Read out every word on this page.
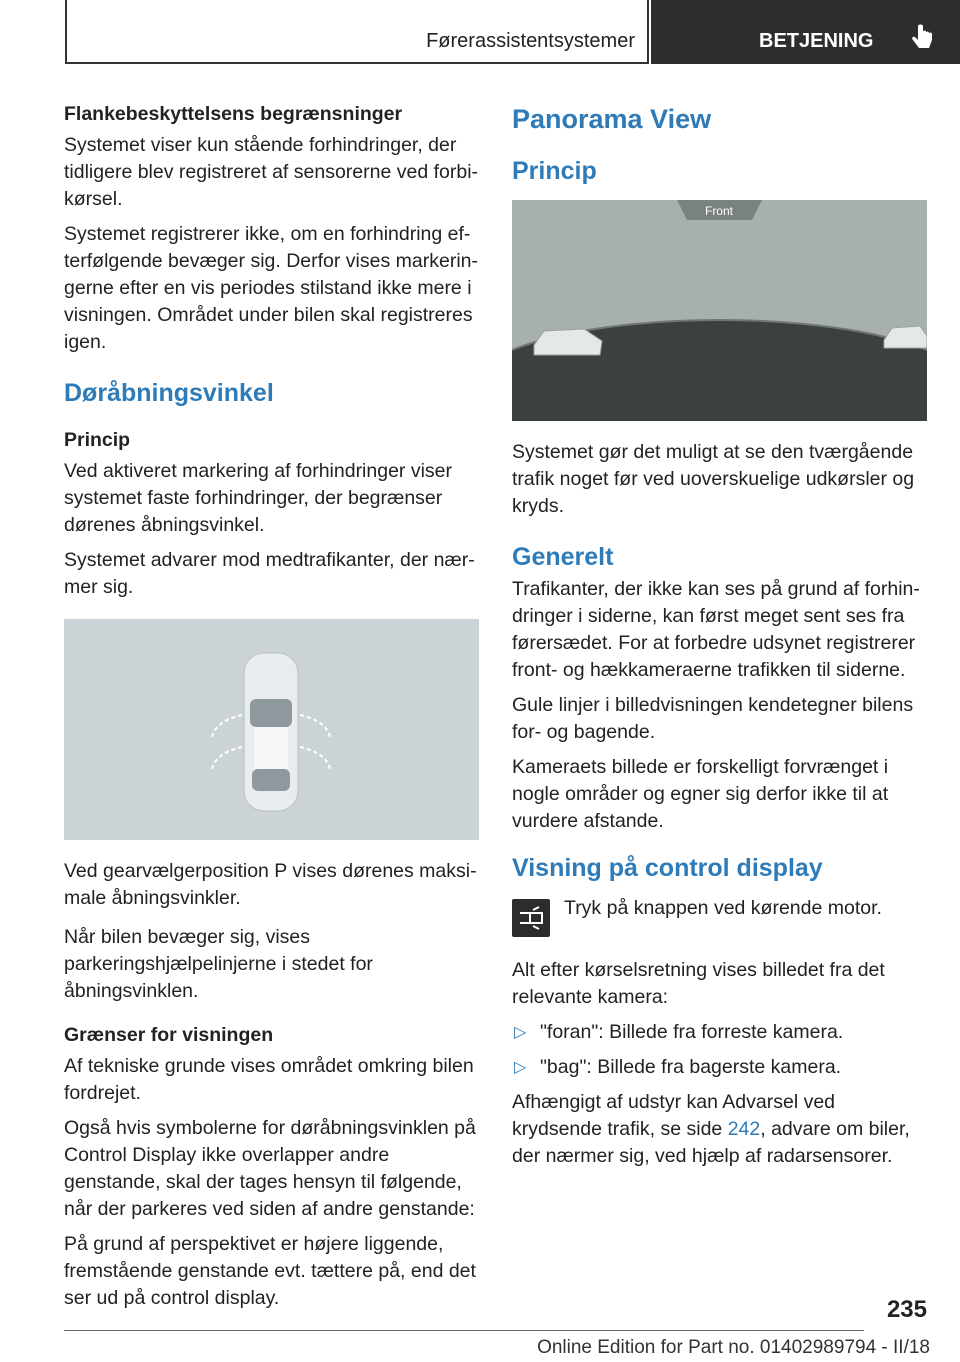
Førerassistentsystemer	BETJENING
Flankebeskyttelsens begrænsninger

Systemet viser kun stående forhindringer, der tidligere blev registreret af sensorerne ved forbikørsel.

Systemet registrerer ikke, om en forhindring efterfølgende bevæger sig. Derfor vises markeringerne efter en vis periodes stilstand ikke mere i visningen. Området under bilen skal registreres igen.

Døråbningsvinkel
Princip

Ved aktiveret markering af forhindringer viser systemet faste forhindringer, der begrænser dørenes åbningsvinkel.

Systemet advarer mod medtrafikanter, der nærmer sig.

Ved gearvælgerposition P vises dørenes maksimale åbningsvinkler.

Når bilen bevæger sig, vises parkeringshjælpelinjerne i stedet for åbningsvinklen.

Grænser for visningen

Af tekniske grunde vises området omkring bilen fordrejet.

Også hvis symbolerne for døråbningsvinklen på Control Display ikke overlapper andre genstande, skal der tages hensyn til følgende, når der parkeres ved siden af andre genstande:

På grund af perspektivet er højere liggende, fremstående genstande evt. tættere på, end det ser ud på control display.

Panorama View
Princip
Front

Systemet gør det muligt at se den tværgående trafik noget før ved uoverskuelige udkørsler og kryds.

Generelt

Trafikanter, der ikke kan ses på grund af forhindringer i siderne, kan først meget sent ses fra førersædet. For at forbedre udsynet registrerer front- og hækkameraerne trafikken til siderne.

Gule linjer i billedvisningen kendetegner bilens for- og bagende.

Kameraets billede er forskelligt forvrænget i nogle områder og egner sig derfor ikke til at vurdere afstande.

Visning på control display

Tryk på knappen ved kørende motor.

Alt efter kørselsretning vises billedet fra det relevante kamera:

▷ "foran": Billede fra forreste kamera.
▷ "bag": Billede fra bagerste kamera.

Afhængigt af udstyr kan Advarsel ved krydsende trafik, se side 242, advare om biler, der nærmer sig, ved hjælp af radarsensorer.

235
Online Edition for Part no. 01402989794 - II/18
